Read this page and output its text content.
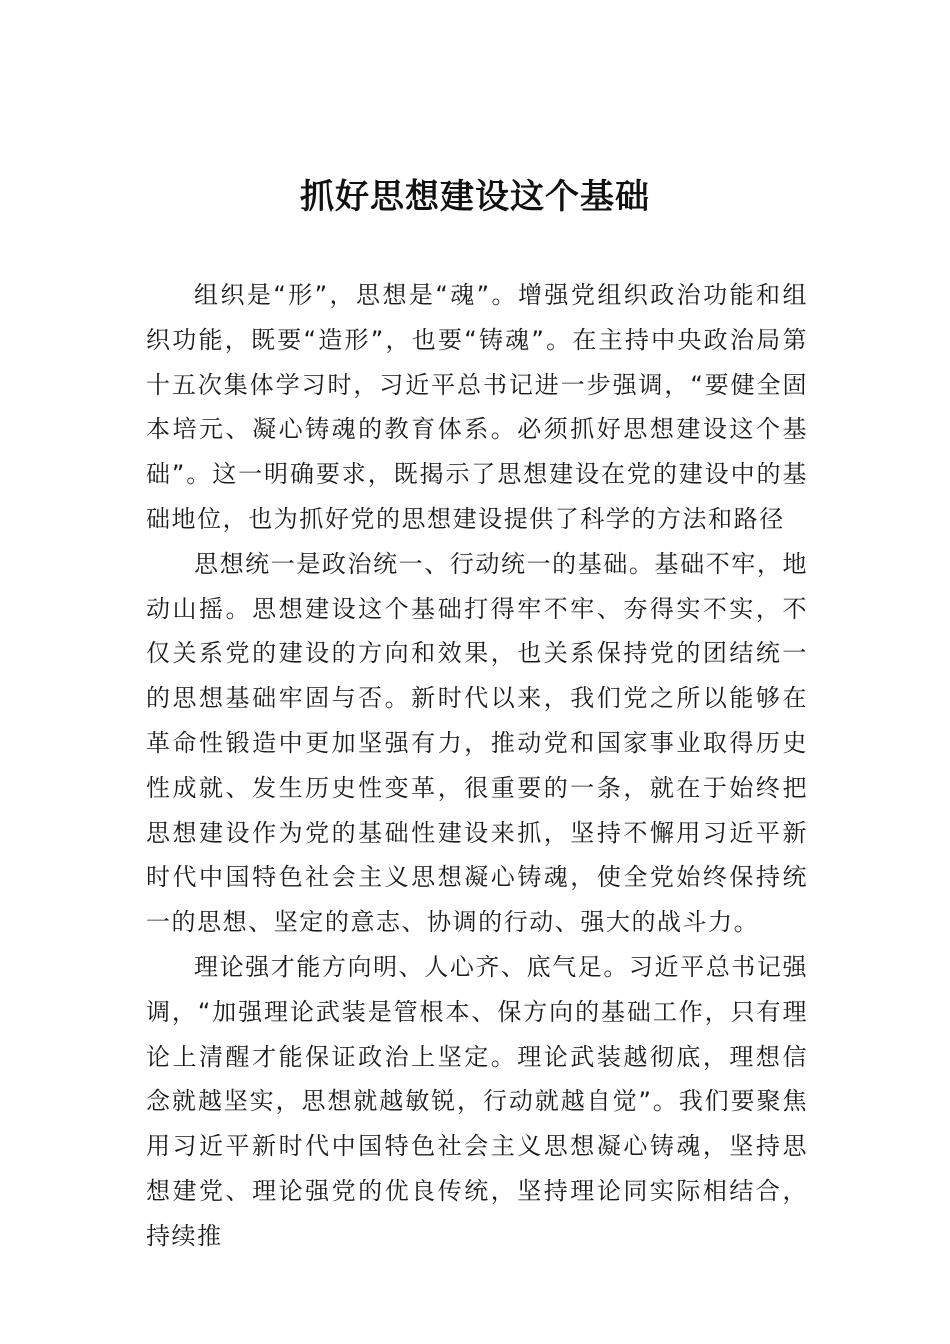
抓好思想建设这个基础

组织是“形”，思想是“魂”。增强党组织政治功能和组织功能，既要“造形”，也要“铸魂”。在主持中央政治局第十五次集体学习时，习近平总书记进一步强调，“要健全固本培元、凝心铸魂的教育体系。必须抓好思想建设这个基础”。这一明确要求，既揭示了思想建设在党的建设中的基础地位，也为抓好党的思想建设提供了科学的方法和路径

思想统一是政治统一、行动统一的基础。基础不牢，地动山摇。思想建设这个基础打得牢不牢、夯得实不实，不仅关系党的建设的方向和效果，也关系保持党的团结统一的思想基础牢固与否。新时代以来，我们党之所以能够在革命性锻造中更加坚强有力，推动党和国家事业取得历史性成就、发生历史性变革，很重要的一条，就在于始终把思想建设作为党的基础性建设来抓，坚持不懈用习近平新时代中国特色社会主义思想凝心铸魂，使全党始终保持统一的思想、坚定的意志、协调的行动、强大的战斗力。

理论强才能方向明、人心齐、底气足。习近平总书记强调，“加强理论武装是管根本、保方向的基础工作，只有理论上清醒才能保证政治上坚定。理论武装越彻底，理想信念就越坚实，思想就越敏锐，行动就越自觉”。我们要聚焦用习近平新时代中国特色社会主义思想凝心铸魂，坚持思想建党、理论强党的优良传统，坚持理论同实际相结合，持续推
